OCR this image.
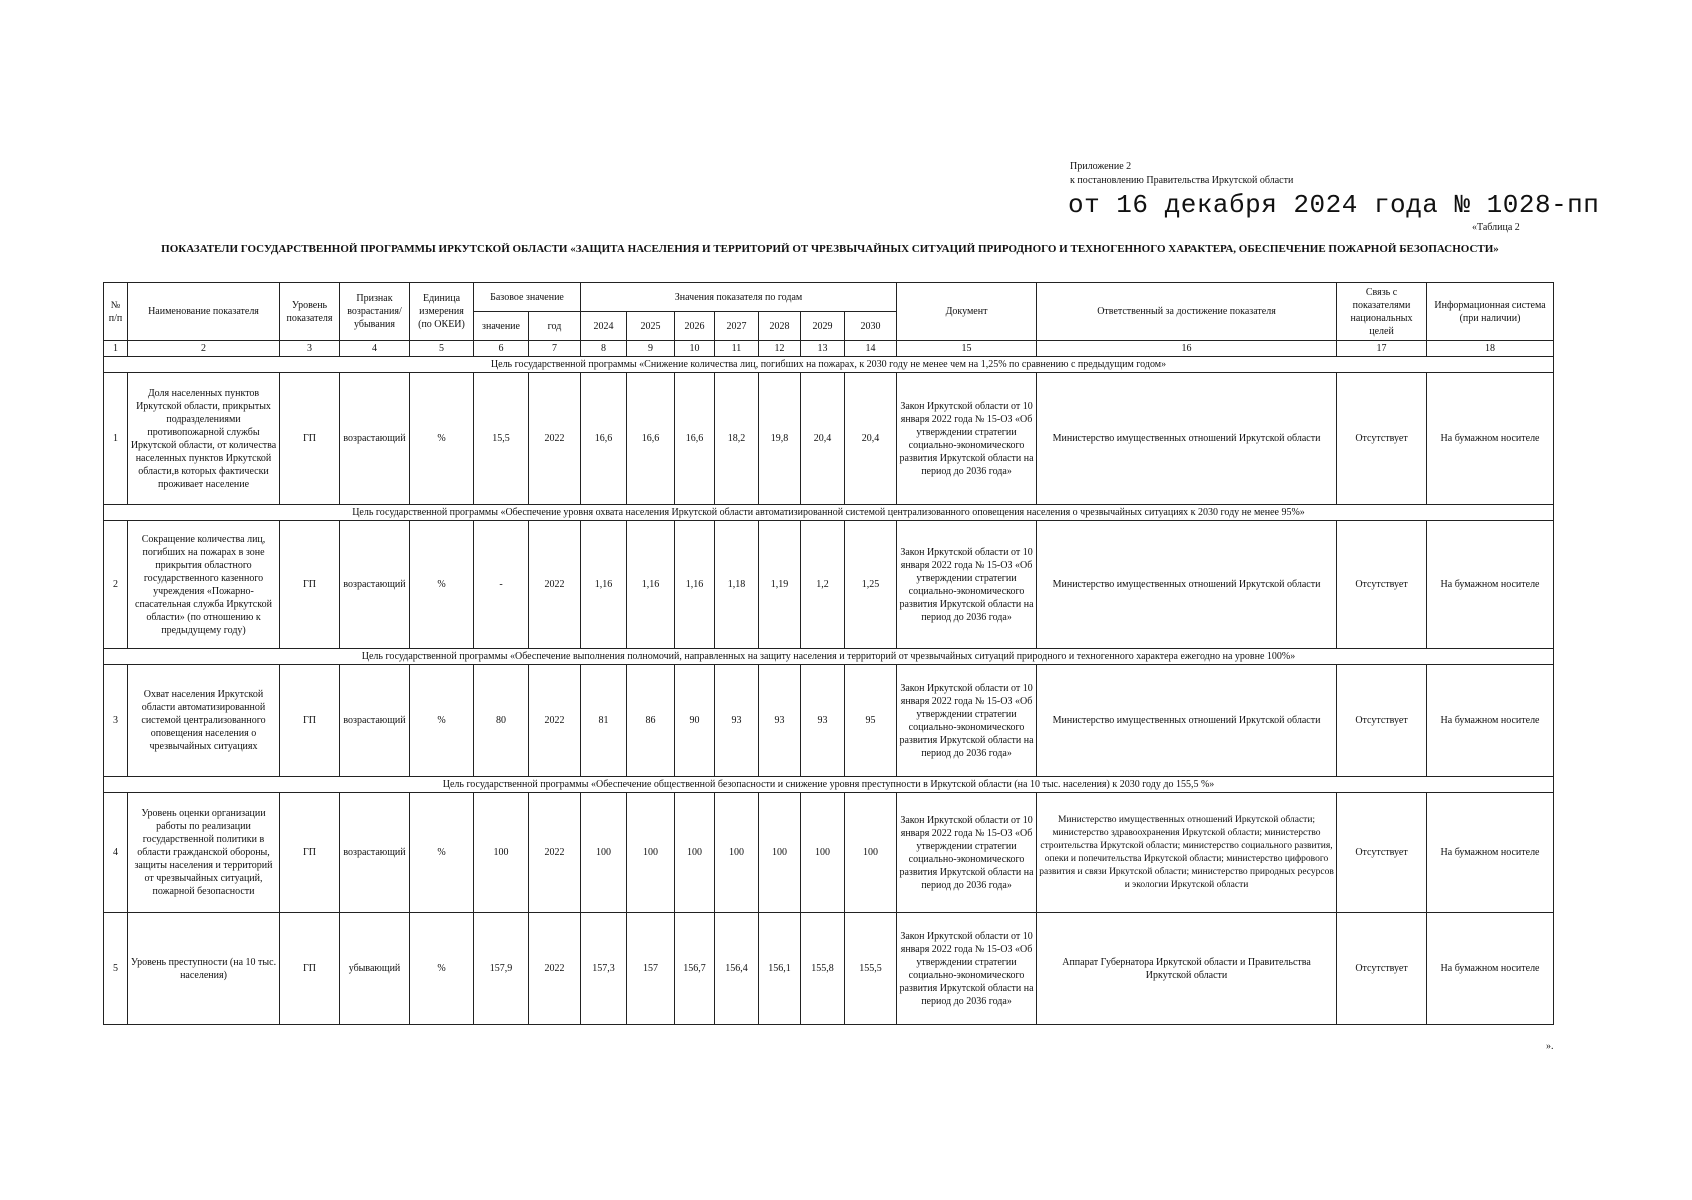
Приложение 2
к постановлению Правительства Иркутской области
от 16 декабря 2024 года № 1028-пп
«Таблица 2
ПОКАЗАТЕЛИ ГОСУДАРСТВЕННОЙ ПРОГРАММЫ ИРКУТСКОЙ ОБЛАСТИ «ЗАЩИТА НАСЕЛЕНИЯ И ТЕРРИТОРИЙ ОТ ЧРЕЗВЫЧАЙНЫХ СИТУАЦИЙ ПРИРОДНОГО И ТЕХНОГЕННОГО ХАРАКТЕРА, ОБЕСПЕЧЕНИЕ ПОЖАРНОЙ БЕЗОПАСНОСТИ»
№ п/п	Наименование показателя	Уровень показателя	Признак возрастания/ убывания	Единица измерения (по ОКЕИ)	Базовое значение		Значения показателя по годам							Документ	Ответственный за достижение показателя	Связь с показателями национальных целей	Информационная система (при наличии)
					значение	год	2024	2025	2026	2027	2028	2029	2030				
1	2	3	4	5	6	7	8	9	10	11	12	13	14	15	16	17	18
Цель государственной программы «Снижение количества лиц, погибших на пожарах, к 2030 году не менее чем на 1,25% по сравнению с предыдущим годом»																	
1	Доля населенных пунктов Иркутской области, прикрытых подразделениями противопожарной службы Иркутской области, от количества населенных пунктов Иркутской области,в которых фактически проживает население	ГП	возрастающий	%	15,5	2022	16,6	16,6	16,6	18,2	19,8	20,4	20,4	Закон Иркутской области от 10 января 2022 года № 15-ОЗ «Об утверждении стратегии социально-экономического развития Иркутской области на период до 2036 года»	Министерство имущественных отношений Иркутской области	Отсутствует	На бумажном носителе
Цель государственной программы «Обеспечение уровня охвата населения Иркутской области автоматизированной системой централизованного оповещения населения о чрезвычайных ситуациях к 2030 году не менее 95%»																	
2	Сокращение количества лиц, погибших на пожарах в зоне прикрытия областного государственного казенного учреждения «Пожарно-спасательная служба Иркутской области» (по отношению к предыдущему году)	ГП	возрастающий	%	-	2022	1,16	1,16	1,16	1,18	1,19	1,2	1,25	Закон Иркутской области от 10 января 2022 года № 15-ОЗ «Об утверждении стратегии социально-экономического развития Иркутской области на период до 2036 года»	Министерство имущественных отношений Иркутской области	Отсутствует	На бумажном носителе
Цель государственной программы «Обеспечение выполнения полномочий, направленных на защиту населения и территорий от чрезвычайных ситуаций природного и техногенного характера ежегодно на уровне 100%»																	
3	Охват населения Иркутской области автоматизированной системой централизованного оповещения населения о чрезвычайных ситуациях	ГП	возрастающий	%	80	2022	81	86	90	93	93	93	95	Закон Иркутской области от 10 января 2022 года № 15-ОЗ «Об утверждении стратегии социально-экономического развития Иркутской области на период до 2036 года»	Министерство имущественных отношений Иркутской области	Отсутствует	На бумажном носителе
Цель государственной программы «Обеспечение общественной безопасности и снижение уровня преступности в Иркутской области (на 10 тыс. населения) к 2030 году до 155,5 %»																	
4	Уровень оценки организации работы по реализации государственной политики в области гражданской обороны, защиты населения и территорий от чрезвычайных ситуаций, пожарной безопасности	ГП	возрастающий	%	100	2022	100	100	100	100	100	100	100	Закон Иркутской области от 10 января 2022 года № 15-ОЗ «Об утверждении стратегии социально-экономического развития Иркутской области на период до 2036 года»	Министерство имущественных отношений Иркутской области; министерство здравоохранения Иркутской области; министерство строительства Иркутской области; министерство социального развития, опеки и попечительства Иркутской области; министерство цифрового развития и связи Иркутской области; министерство природных ресурсов и экологии Иркутской области	Отсутствует	На бумажном носителе
5	Уровень преступности (на 10 тыс. населения)	ГП	убывающий	%	157,9	2022	157,3	157	156,7	156,4	156,1	155,8	155,5	Закон Иркутской области от 10 января 2022 года № 15-ОЗ «Об утверждении стратегии социально-экономического развития Иркутской области на период до 2036 года»	Аппарат Губернатора Иркутской области и Правительства Иркутской области	Отсутствует	На бумажном носителе
».
